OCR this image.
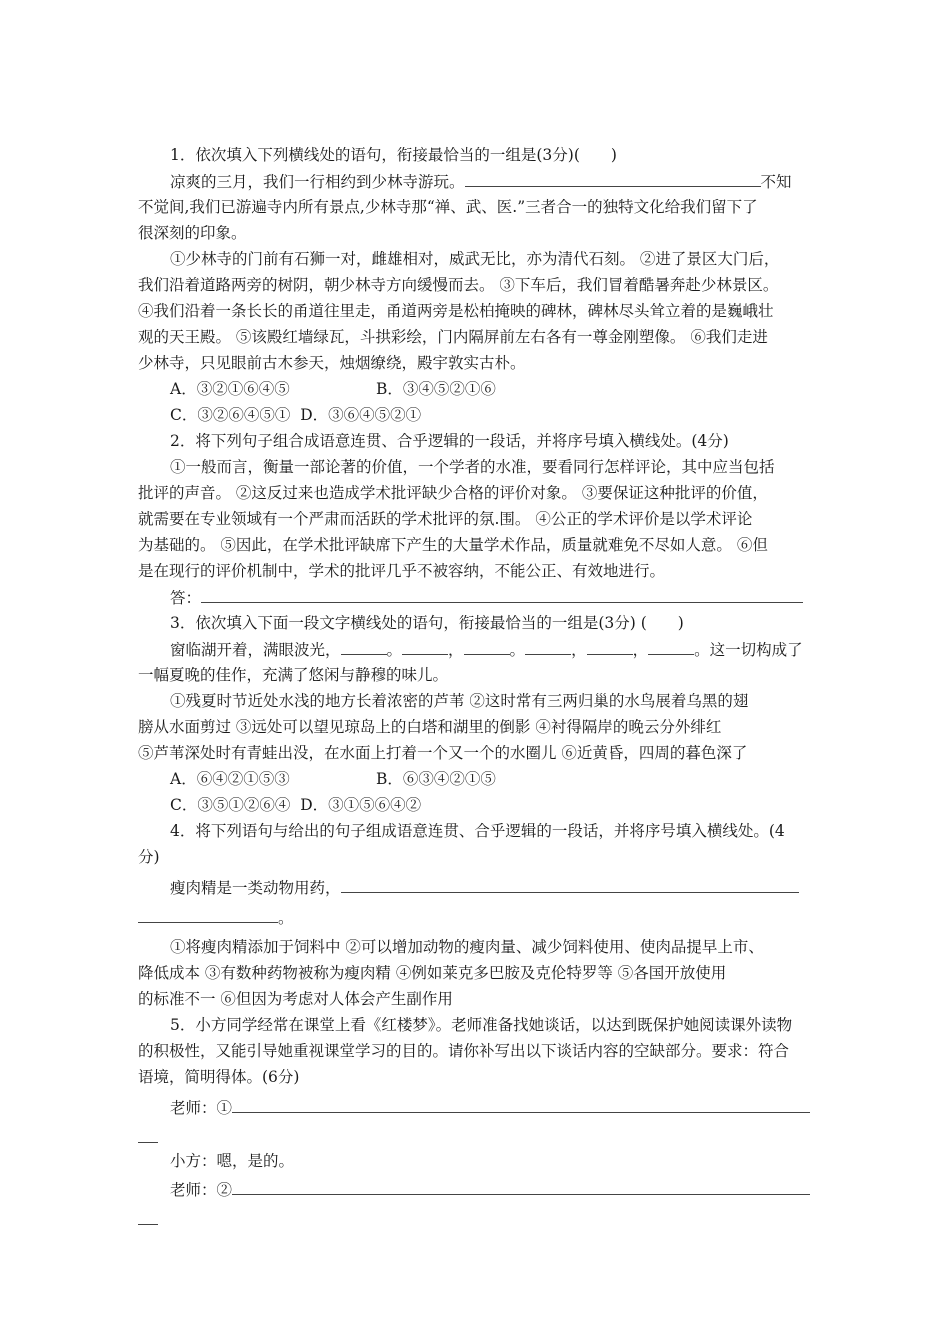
1．依次填入下列横线处的语句，衔接最恰当的一组是(3分)(　　)
凉爽的三月，我们一行相约到少林寺游玩。	不知
不觉间,我们已游遍寺内所有景点,少林寺那“禅、武、医.”三者合一的独特文化给我们留下了
很深刻的印象。
①少林寺的门前有石狮一对，雌雄相对，威武无比，亦为清代石刻。 ②进了景区大门后，
我们沿着道路两旁的树阴，朝少林寺方向缓慢而去。 ③下车后，我们冒着酷暑奔赴少林景区。
④我们沿着一条长长的甬道往里走，甬道两旁是松柏掩映的碑林，碑林尽头耸立着的是巍峨壮
观的天王殿。 ⑤该殿红墙绿瓦，斗拱彩绘，门内隔屏前左右各有一尊金刚塑像。 ⑥我们走进
少林寺，只见眼前古木参天，烛烟缭绕，殿宇敦实古朴。
A．③②①⑥④⑤	B．③④⑤②①⑥
C．③②⑥④⑤① D．③⑥④⑤②①
2．将下列句子组合成语意连贯、合乎逻辑的一段话，并将序号填入横线处。(4分)
①一般而言，衡量一部论著的价值，一个学者的水准，要看同行怎样评论，其中应当包括
批评的声音。 ②这反过来也造成学术批评缺少合格的评价对象。 ③要保证这种批评的价值，
就需要在专业领域有一个严肃而活跃的学术批评的氛.围。 ④公正的学术评价是以学术评论
为基础的。 ⑤因此，在学术批评缺席下产生的大量学术作品，质量就难免不尽如人意。 ⑥但
是在现行的评价机制中，学术的批评几乎不被容纳，不能公正、有效地进行。
答：
3．依次填入下面一段文字横线处的语句，衔接最恰当的一组是(3分) (　　)
窗临湖开着，满眼波光，	。	，	。	，	，	。这一切构成了
一幅夏晚的佳作，充满了悠闲与静穆的味儿。
①残夏时节近处水浅的地方长着浓密的芦苇 ②这时常有三两归巢的水鸟展着乌黑的翅
膀从水面剪过 ③远处可以望见琼岛上的白塔和湖里的倒影 ④衬得隔岸的晚云分外绯红
⑤芦苇深处时有青蛙出没，在水面上打着一个又一个的水圈儿 ⑥近黄昏，四周的暮色深了
A．⑥④②①⑤③	B．⑥③④②①⑤
C．③⑤①②⑥④ D．③①⑤⑥④②
4．将下列语句与给出的句子组成语意连贯、合乎逻辑的一段话，并将序号填入横线处。(4
分)
瘦肉精是一类动物用药，
。
①将瘦肉精添加于饲料中 ②可以增加动物的瘦肉量、减少饲料使用、使肉品提早上市、
降低成本 ③有数种药物被称为瘦肉精 ④例如莱克多巴胺及克伦特罗等 ⑤各国开放使用
的标准不一 ⑥但因为考虑对人体会产生副作用
5．小方同学经常在课堂上看《红楼梦》。老师准备找她谈话，以达到既保护她阅读课外读物
的积极性，又能引导她重视课堂学习的目的。请你补写出以下谈话内容的空缺部分。要求：符合
语境，简明得体。(6分)
老师：①
小方：嗯，是的。
老师：②
